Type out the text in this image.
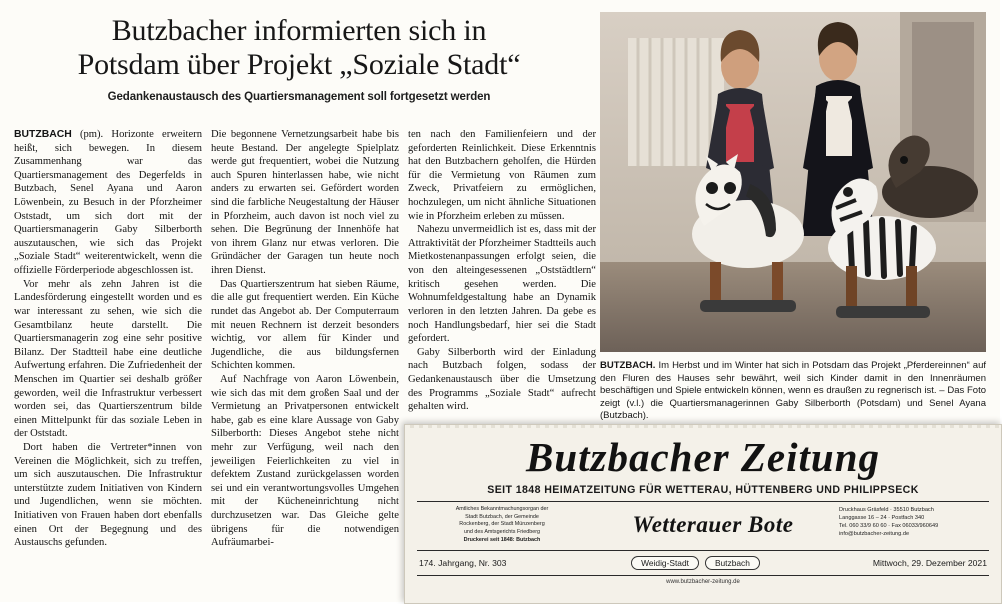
Butzbacher informierten sich in
Potsdam über Projekt „Soziale Stadt“
Gedankenaustausch des Quartiersmanagement soll fortgesetzt werden

BUTZBACH (pm). Horizonte erweitern heißt, sich bewegen. In diesem Zusammenhang war das Quartiersmanagement des Degerfelds in Butzbach, Senel Ayana und Aaron Löwenbein, zu Besuch in der Pforzheimer Oststadt, um sich dort mit der Quartiersmanagerin Gaby Silberborth auszutauschen, wie sich das Projekt „Soziale Stadt“ weiterentwickelt, wenn die offizielle Förderperiode abgeschlossen ist.

Vor mehr als zehn Jahren ist die Landesförderung eingestellt worden und es war interessant zu sehen, wie sich die Gesamtbilanz heute darstellt. Die Quartiersmanagerin zog eine sehr positive Bilanz. Der Stadtteil habe eine deutliche Aufwertung erfahren. Die Zufriedenheit der Menschen im Quartier sei deshalb größer geworden, weil die Infrastruktur verbessert worden sei, das Quartierszentrum bilde einen Mittelpunkt für das soziale Leben in der Oststadt.

Dort haben die Vertreter*innen von Vereinen die Möglichkeit, sich zu treffen, um sich auszutauschen. Die Infrastruktur unterstützte zudem Initiativen von Kindern und Jugendlichen, wenn sie möchten. Initiativen von Frauen haben dort ebenfalls einen Ort der Begegnung und des Austauschs gefunden.

Die begonnene Vernetzungsarbeit habe bis heute Bestand. Der angelegte Spielplatz werde gut frequentiert, wobei die Nutzung auch Spuren hinterlassen habe, wie nicht anders zu erwarten sei. Gefördert worden sind die farbliche Neugestaltung der Häuser in Pforzheim, auch davon ist noch viel zu sehen. Die Begrünung der Innenhöfe hat von ihrem Glanz nur etwas verloren. Die Gründächer der Garagen tun heute noch ihren Dienst.

Das Quartierszentrum hat sieben Räume, die alle gut frequentiert werden. Ein Küche rundet das Angebot ab. Der Computerraum mit neuen Rechnern ist derzeit besonders wichtig, vor allem für Kinder und Jugendliche, die aus bildungsfernen Schichten kommen.

Auf Nachfrage von Aaron Löwenbein, wie sich das mit dem großen Saal und der Vermietung an Privatpersonen entwickelt habe, gab es eine klare Aussage von Gaby Silberborth: Dieses Angebot stehe nicht mehr zur Verfügung, weil nach den jeweiligen Feierlichkeiten zu viel in defektem Zustand zurückgelassen worden sei und ein verantwortungsvolles Umgehen mit der Kücheneinrichtung nicht durchzusetzen war. Das Gleiche gelte übrigens für die notwendigen Aufräumarbei-

ten nach den Familienfeiern und der geforderten Reinlichkeit. Diese Erkenntnis hat den Butzbachern geholfen, die Hürden für die Vermietung von Räumen zum Zweck, Privatfeiern zu ermöglichen, hochzulegen, um nicht ähnliche Situationen wie in Pforzheim erleben zu müssen.

Nahezu unvermeidlich ist es, dass mit der Attraktivität der Pforzheimer Stadtteils auch Mietkostenanpassungen erfolgt seien, die von den alteingesessenen „Oststädtlern“ kritisch gesehen werden. Die Wohnumfeldgestaltung habe an Dynamik verloren in den letzten Jahren. Da gebe es noch Handlungsbedarf, hier sei die Stadt gefordert.

Gaby Silberborth wird der Einladung nach Butzbach folgen, sodass der Gedankenaustausch über die Umsetzung des Programms „Soziale Stadt“ aufrecht gehalten wird.

BUTZBACH. Im Herbst und im Winter hat sich in Potsdam das Projekt „Pferdereinnen“ auf den Fluren des Hauses sehr bewährt, weil sich Kinder damit in den Innenräumen beschäftigen und Spiele entwickeln können, wenn es draußen zu regnerisch ist. – Das Foto zeigt (v.l.) die Quartiersmanagerinnen Gaby Silberborth (Potsdam) und Senel Ayana (Butzbach).
Butzbacher Zeitung
SEIT 1848 HEIMATZEITUNG FÜR WETTERAU, HÜTTENBERG UND PHILIPPSECK
Amtliches Bekanntmachungsorgan der
Stadt Butzbach, der Gemeinde
Rockenberg, der Stadt Münzenberg
und des Amtsgerichts Friedberg
Druckerei seit 1848: Butzbach
Wetterauer Bote
Druckhaus Gräsfeld · 35510 Butzbach
Langgasse 16 – 24 · Postfach 340
Tel. 060 33/9 60 60 · Fax 06033/960649
info@butzbacher-zeitung.de
174. Jahrgang, Nr. 303	Weidig-Stadt	Butzbach	Mittwoch, 29. Dezember 2021
www.butzbacher-zeitung.de
